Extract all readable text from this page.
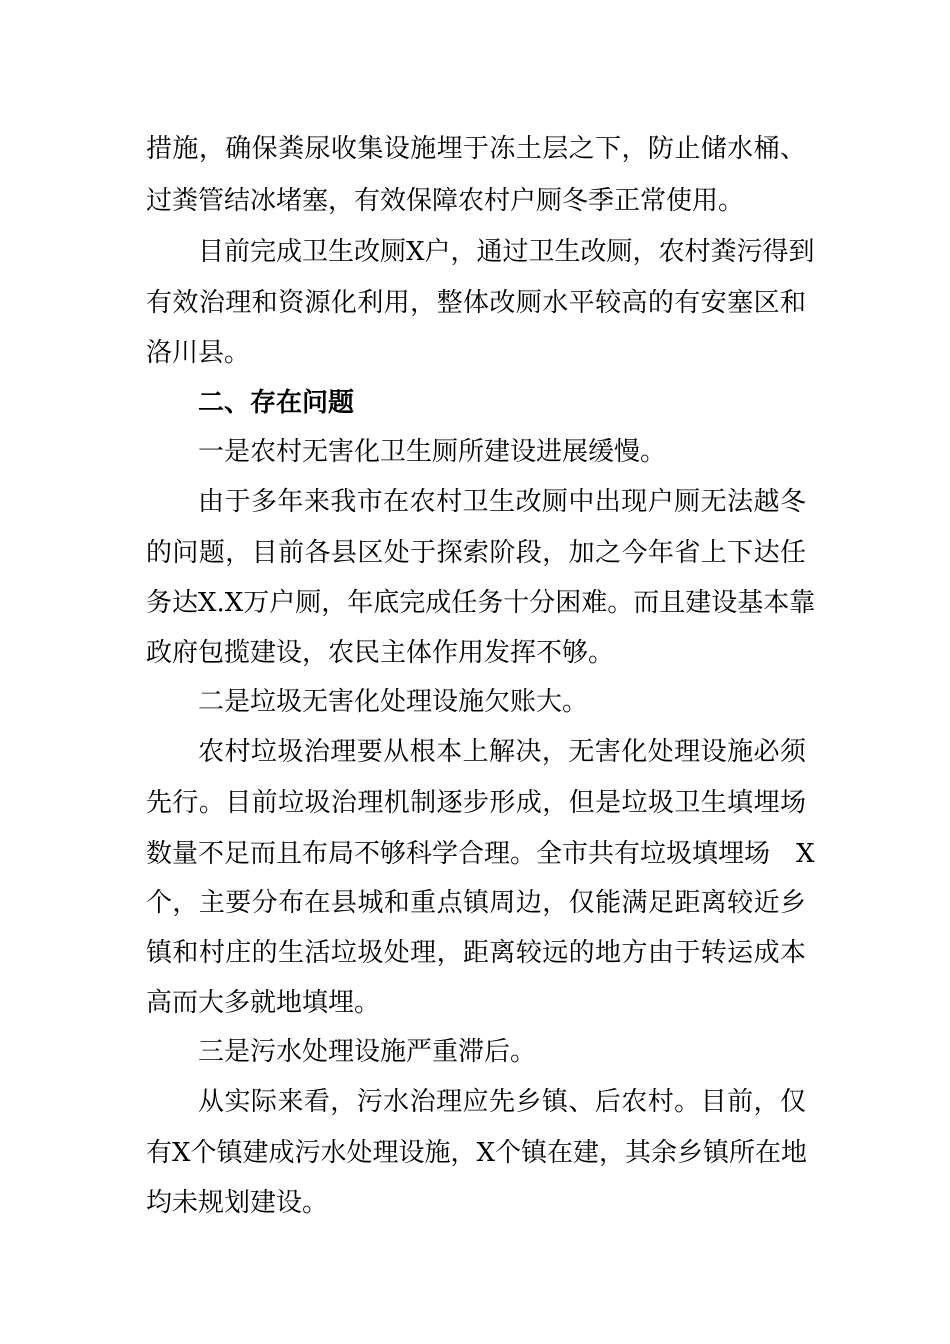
措施，确保粪尿收集设施埋于冻土层之下，防止储水桶、
过粪管结冰堵塞，有效保障农村户厕冬季正常使用。
目前完成卫生改厕X户，通过卫生改厕，农村粪污得到
有效治理和资源化利用，整体改厕水平较高的有安塞区和
洛川县。
二、存在问题
一是农村无害化卫生厕所建设进展缓慢。
由于多年来我市在农村卫生改厕中出现户厕无法越冬
的问题，目前各县区处于探索阶段，加之今年省上下达任
务达X.X万户厕，年底完成任务十分困难。而且建设基本靠
政府包揽建设，农民主体作用发挥不够。
二是垃圾无害化处理设施欠账大。
农村垃圾治理要从根本上解决，无害化处理设施必须
先行。目前垃圾治理机制逐步形成，但是垃圾卫生填埋场
数量不足而且布局不够科学合理。全市共有垃圾填埋场　X
个，主要分布在县城和重点镇周边，仅能满足距离较近乡
镇和村庄的生活垃圾处理，距离较远的地方由于转运成本
高而大多就地填埋。
三是污水处理设施严重滞后。
从实际来看，污水治理应先乡镇、后农村。目前，仅
有X个镇建成污水处理设施，X个镇在建，其余乡镇所在地
均未规划建设。
